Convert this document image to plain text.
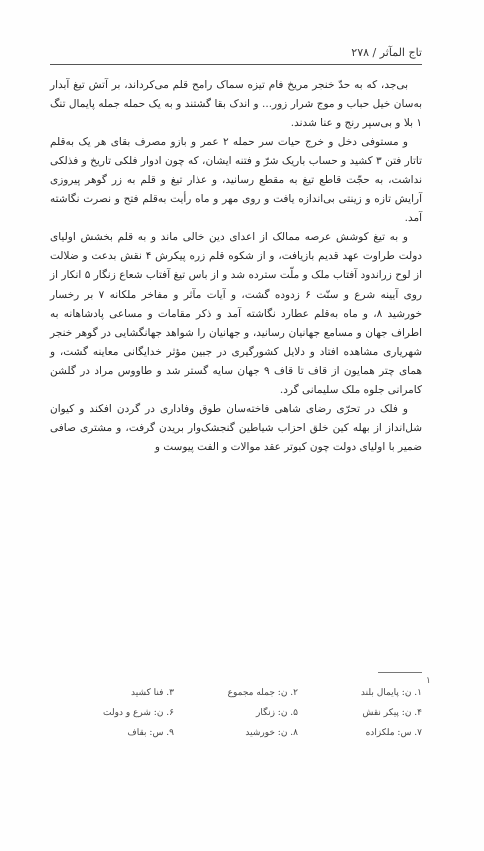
تاج المآثر / ۲۷۸

بی‌جد، که به حدّ خنجر مریخ فام تیزه سماک رامح قلم می‌کرداند، بر آتش تیغ آبدار به‌سان خیل حباب و موج شرار زور... و اندک بقا گشتند و به یک حمله جمله پایمال تنگ ۱ بلا و بی‌سپر رنج و عنا شدند.

و مستوفی دخل و خرج حیات سر حمله ۲ عمر و بازو مصرف بقای هر یک به‌قلم تاتار فتن ۳ کشید و حساب باریک شرّ و فتنه ایشان، که چون ادوار فلکی تاریخ و فذلکی نداشت، به حجّت قاطع تیغ به مقطع رسانید، و عذار تیغ و قلم به زر گوهر پیروزی آرایش تازه و زینتی بی‌اندازه یافت و روی مهر و ماه رأیت به‌قلم فتح و نصرت نگاشته آمد.

و به تیغ کوشش عرصه ممالک از اعدای دین خالی ماند و به قلم بخشش اولیای دولت طراوت عهد قدیم بازیافت، و از شکوه قلم زره پیکرش ۴ نقش بدعت و ضلالت از لوح زراندود آفتاب ملک و ملّت سترده شد و از باس تیغ آفتاب شعاع زنگار ۵ انکار از روی آیینه شرع و سنّت ۶ زدوده گشت، و آیات مآثر و مفاخر ملکانه ۷ بر رخسار خورشید ۸، و ماه به‌قلم عطارد نگاشته آمد و ذکر مقامات و مساعی پادشاهانه به اطراف جهان و مسامع جهانیان رسانید، و جهانیان را شواهد جهانگشایی در گوهر خنجر شهریاری مشاهده افتاد و دلایل کشورگیری در جبین مؤثر خدایگانی معاینه گشت، و همای چتر همایون از قاف تا قاف ۹ جهان سایه گستر شد و طاووس مراد در گلشن کامرانی جلوه ملک سلیمانی گرد.

و فلک در تحرّی رضای شاهی فاخته‌سان طوق وفاداری در گردن افکند و کیوان شل‌انداز از بهله کین خلق احزاب شیاطین گنجشک‌وار بریدن گرفت، و مشتری صافی ضمیر با اولیای دولت چون کبوتر عقد موالات و الفت پیوست و

۱
۱. ن: پایمال بلند
۲. ن: جمله مجموع
۳. فنا کشید
۴. ن: پیکر نقش
۵. ن: زنگار
۶. ن: شرع و دولت
۷. س: ملکزاده
۸. ن: خورشید
۹. س: بقاف
